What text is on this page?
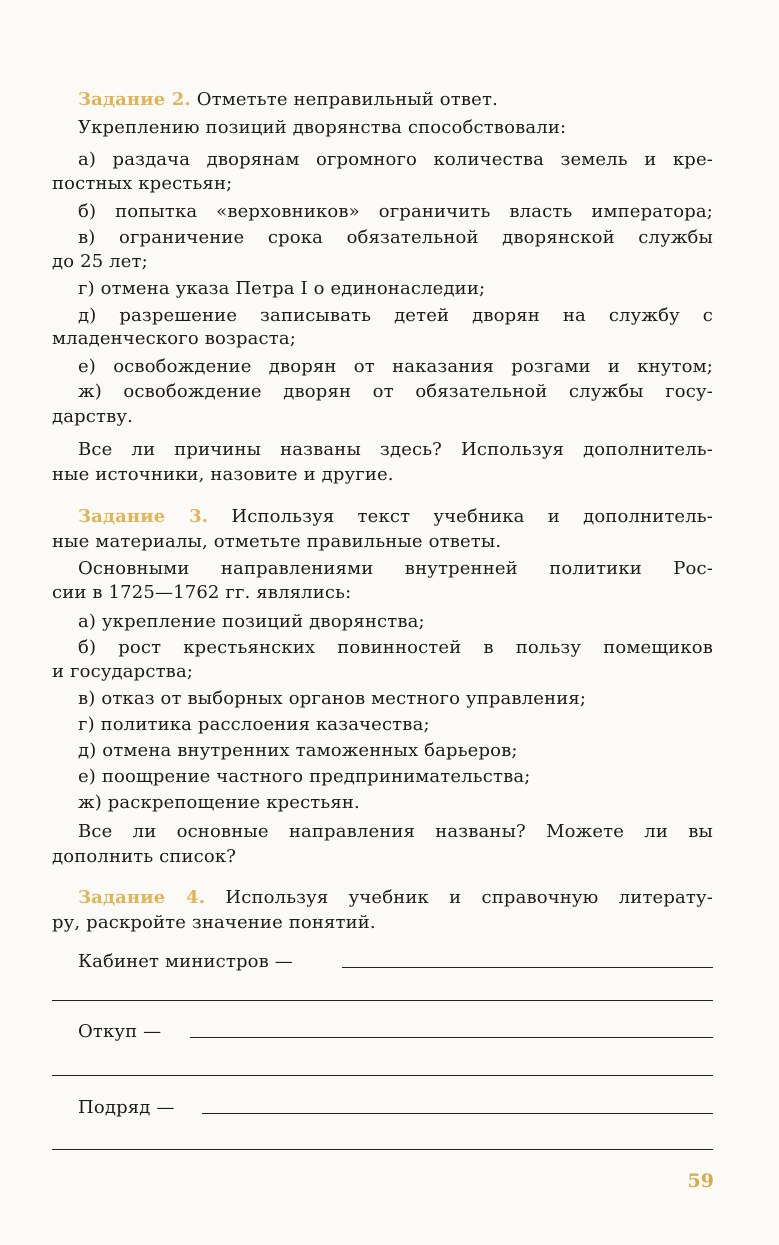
Задание 2. Отметьте неправильный ответ.
Укреплению позиций дворянства способствовали:
а) раздача дворянам огромного количества земель и кре-
постных крестьян;
б) попытка «верховников» ограничить власть императора;
в) ограничение срока обязательной дворянской службы
до 25 лет;
г) отмена указа Петра I о единонаследии;
д) разрешение записывать детей дворян на службу с
младенческого возраста;
е) освобождение дворян от наказания розгами и кнутом;
ж) освобождение дворян от обязательной службы госу-
дарству.
Все ли причины названы здесь? Используя дополнитель-
ные источники, назовите и другие.
Задание 3. Используя текст учебника и дополнитель-
ные материалы, отметьте правильные ответы.
Основными направлениями внутренней политики Рос-
сии в 1725—1762 гг. являлись:
а) укрепление позиций дворянства;
б) рост крестьянских повинностей в пользу помещиков
и государства;
в) отказ от выборных органов местного управления;
г) политика расслоения казачества;
д) отмена внутренних таможенных барьеров;
е) поощрение частного предпринимательства;
ж) раскрепощение крестьян.
Все ли основные направления названы? Можете ли вы
дополнить список?
Задание 4. Используя учебник и справочную литерату-
ру, раскройте значение понятий.
Кабинет министров —
Откуп —
Подряд —
59
